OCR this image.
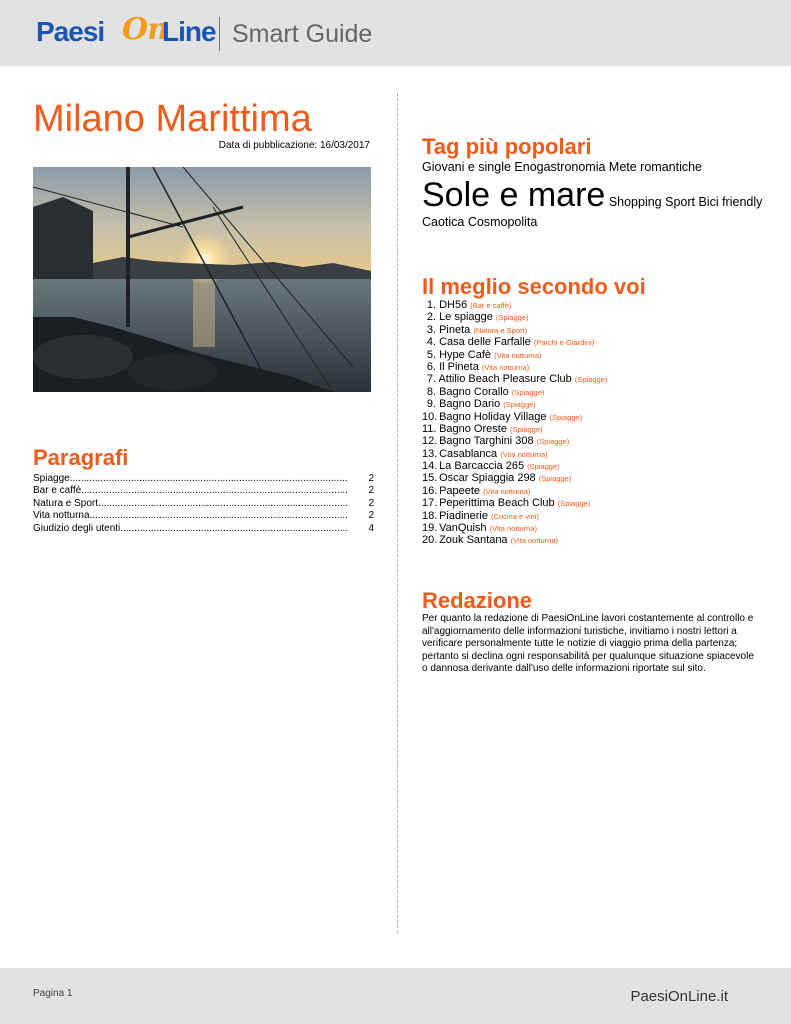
Paesi On
Line Smart Guide
Milano Marittima
Data di pubblicazione: 16/03/2017
Paragrafi
Spiagge .....	2
Bar e caffè .....	2
Natura e Sport .....	2
Vita notturna .....	2
Giudizio degli utenti .....	4
Tag più popolari
Giovani e single Enogastronomia Mete romantiche
Sole e mare Shopping Sport Bici friendly Caotica Cosmopolita
Il meglio secondo voi
1. DH56 (Bar e caffè)
2. Le spiagge (Spiagge)
3. Pineta (Natura e Sport)
4. Casa delle Farfalle (Parchi e Giardini)
5. Hype Cafè (Vita notturna)
6. Il Pineta (Vita notturna)
7. Attilio Beach Pleasure Club (Spiagge)
8. Bagno Corallo (Spiagge)
9. Bagno Dario (Spiagge)
10. Bagno Holiday Village (Spiagge)
11. Bagno Oreste (Spiagge)
12. Bagno Targhini 308 (Spiagge)
13. Casablanca (Vita notturna)
14. La Barcaccia 265 (Spiagge)
15. Oscar Spiaggia 298 (Spiagge)
16. Papeete (Vita notturna)
17. Peperittima Beach Club (Spiagge)
18. Piadinerie (Cucina e vini)
19. VanQuish (Vita notturna)
20. Zouk Santana (Vita notturna)
Redazione

Per quanto la redazione di PaesiOnLine lavori costantemente al controllo e all'aggiornamento delle informazioni turistiche, invitiamo i nostri lettori a verificare personalmente tutte le notizie di viaggio prima della partenza; pertanto si declina ogni responsabilità per qualunque situazione spiacevole o dannosa derivante dall'uso delle informazioni riportate sul sito.

Pagina 1	PaesiOnLine.it
